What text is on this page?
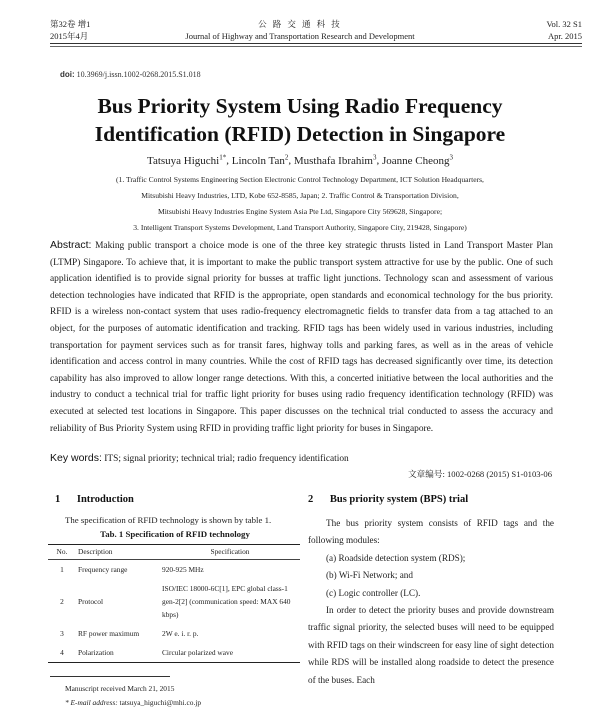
第32卷 增1
2015年4月
公 路 交 通 科 技
Journal of Highway and Transportation Research and Development
Vol. 32 S1
Apr. 2015
doi: 10.3969/j.issn.1002-0268.2015.S1.018
Bus Priority System Using Radio Frequency
Identification (RFID) Detection in Singapore
Tatsuya Higuchi$^{1*}$, Lincoln Tan$^2$, Musthafa Ibrahim$^3$, Joanne Cheong$^3$
(1. Traffic Control Systems Engineering Section Electronic Control Technology Department, ICT Solution Headquarters,
Mitsubishi Heavy Industries, LTD, Kobe 652-8585, Japan; 2. Traffic Control & Transportation Division,
Mitsubishi Heavy Industries Engine System Asia Pte Ltd, Singapore City 569628, Singapore;
3. Intelligent Transport Systems Development, Land Transport Authority, Singapore City, 219428, Singapore)
Abstract: Making public transport a choice mode is one of the three key strategic thrusts listed in Land Transport Master Plan (LTMP) Singapore. To achieve that, it is important to make the public transport system attractive for use by the public. One of such application identified is to provide signal priority for busses at traffic light junctions. Technology scan and assessment of various detection technologies have indicated that RFID is the appropriate, open standards and economical technology for the bus priority. RFID is a wireless non-contact system that uses radio-frequency electromagnetic fields to transfer data from a tag attached to an object, for the purposes of automatic identification and tracking. RFID tags has been widely used in various industries, including transportation for payment services such as for transit fares, highway tolls and parking fares, as well as in the areas of vehicle identification and access control in many countries. While the cost of RFID tags has decreased significantly over time, its detection capability has also improved to allow longer range detections. With this, a concerted initiative between the local authorities and the industry to conduct a technical trial for traffic light priority for buses using radio frequency identification technology (RFID) was executed at selected test locations in Singapore. This paper discusses on the technical trial conducted to assess the accuracy and reliability of Bus Priority System using RFID in providing traffic light priority for buses in Singapore.
Key words: ITS; signal priority; technical trial; radio frequency identification
文章编号: 1002-0268 (2015) S1-0103-06
1 Introduction
The specification of RFID technology is shown by table 1.
Tab. 1 Specification of RFID technology
No.	Description	Specification
1	Frequency range	920-925 MHz
2	Protocol	ISO/IEC 18000-6C[1], EPC global class-1 gen-2[2] (communication speed: MAX 640 kbps)
3	RF power maximum	2W e. i. r. p.
4	Polarization	Circular polarized wave
Manuscript received March 21, 2015
* E-mail address: tatsuya_higuchi@mhi.co.jp
2 Bus priority system (BPS) trial

The bus priority system consists of RFID tags and the following modules:

(a) Roadside detection system (RDS);

(b) Wi-Fi Network; and

(c) Logic controller (LC).

In order to detect the priority buses and provide downstream traffic signal priority, the selected buses will need to be equipped with RFID tags on their windscreen for easy line of sight detection while RDS will be installed along roadside to detect the presence of the buses. Each
